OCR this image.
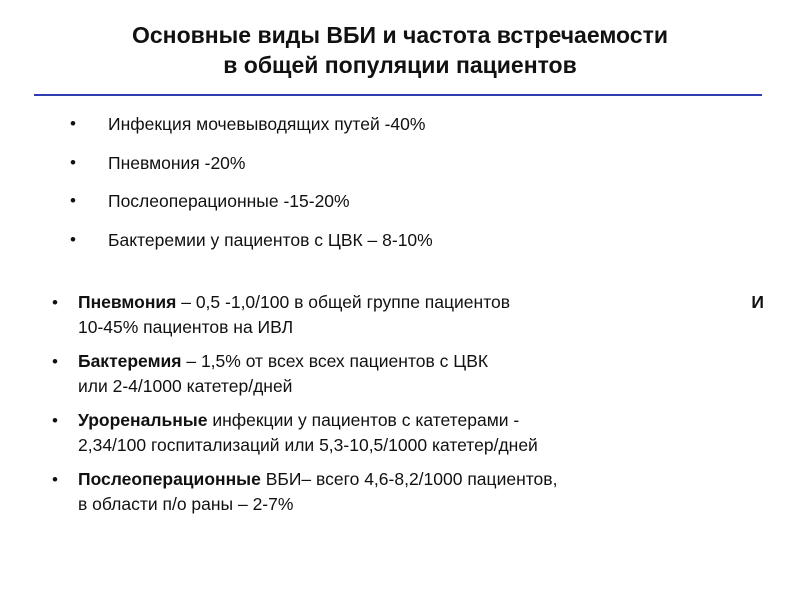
Основные виды ВБИ и частота встречаемости
в общей популяции пациентов
• Инфекция мочевыводящих путей -40%
• Пневмония -20%
• Послеоперационные -15-20%
• Бактеремии у пациентов с ЦВК – 8-10%
• Пневмония – 0,5 -1,0/100 в общей группе пациентов	И
10-45% пациентов на ИВЛ
• Бактеремия – 1,5% от всех всех пациентов с ЦВК
или 2-4/1000 катетер/дней
• Уроренальные инфекции у пациентов с катетерами -
2,34/100 госпитализаций или 5,3-10,5/1000 катетер/дней
• Послеоперационные ВБИ– всего 4,6-8,2/1000 пациентов,
в области п/о раны – 2-7%
